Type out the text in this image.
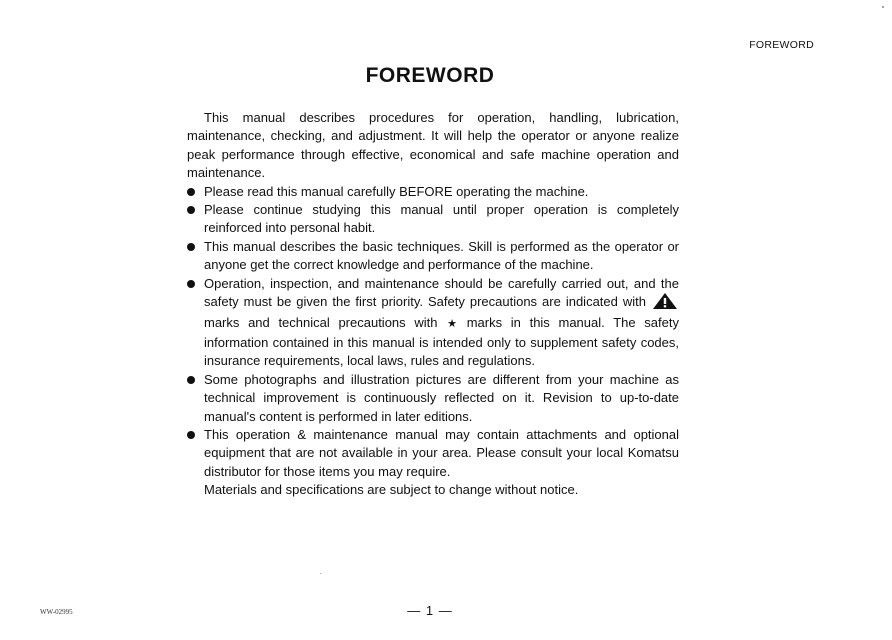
FOREWORD
FOREWORD

This manual describes procedures for operation, handling, lubrication, maintenance, checking, and adjustment. It will help the operator or anyone realize peak performance through effective, economical and safe machine operation and maintenance.

Please read this manual carefully BEFORE operating the machine.
Please continue studying this manual until proper operation is completely reinforced into personal habit.
This manual describes the basic techniques. Skill is performed as the operator or anyone get the correct knowledge and performance of the machine.
Operation, inspection, and maintenance should be carefully carried out, and the safety must be given the first priority. Safety precautions are indicated with  marks and technical precautions with ★ marks in this manual. The safety information contained in this manual is intended only to supplement safety codes, insurance requirements, local laws, rules and regulations.
Some photographs and illustration pictures are different from your machine as technical improvement is continuously reflected on it. Revision to up-to-date manual's content is performed in later editions.
This operation & maintenance manual may contain attachments and optional equipment that are not available in your area. Please consult your local Komatsu distributor for those items you may require.

Materials and specifications are subject to change without notice.

— 1 —
WW-02995
